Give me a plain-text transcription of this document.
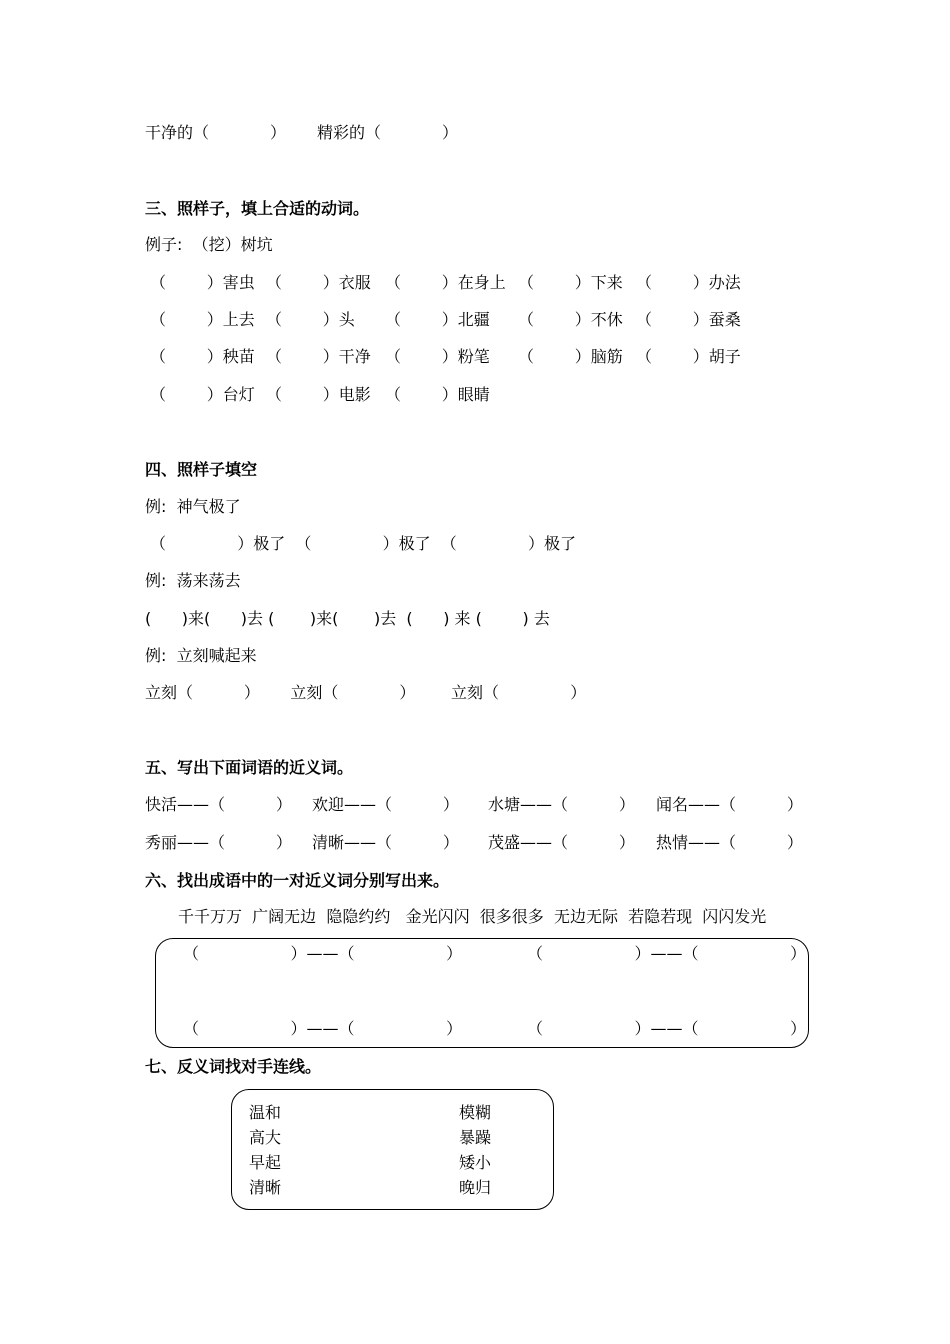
干净的（            ） 精彩的（            ）
三、照样子，填上合适的动词。
例子:  （挖）树坑
（        ）害虫 （        ）衣服 （        ）在身上 （        ）下来 （        ）办法
（        ）上去 （        ）头 （        ）北疆 （        ）不休 （        ）蚕桑
（        ）秧苗 （        ）干净 （        ）粉笔 （        ）脑筋 （        ）胡子
（        ）台灯 （        ）电影 （        ）眼睛
四、照样子填空
例:  神气极了
（              ）极了  （              ）极了  （              ）极了
例:  荡来荡去
(      )来(      )去 (       )来(       )去  (      ) 来 (        ) 去
例:  立刻喊起来
立刻（          ）      立刻（            ）       立刻（              ）
五、写出下面词语的近义词。
快活——（          ） 欢迎——（          ） 水塘——（          ） 闻名——（          ）
秀丽——（          ） 清晰——（          ） 茂盛——（          ） 热情——（          ）
六、找出成语中的一对近义词分别写出来。
千千万万  广阔无边  隐隐约约   金光闪闪  很多很多  无边无际  若隐若现  闪闪发光
（                  ）——（                  ）	（                  ）——（                  ）
（                  ）——（                  ）	（                  ）——（                  ）
七、反义词找对手连线。
温和
高大
早起
清晰
模糊
暴躁
矮小
晚归
